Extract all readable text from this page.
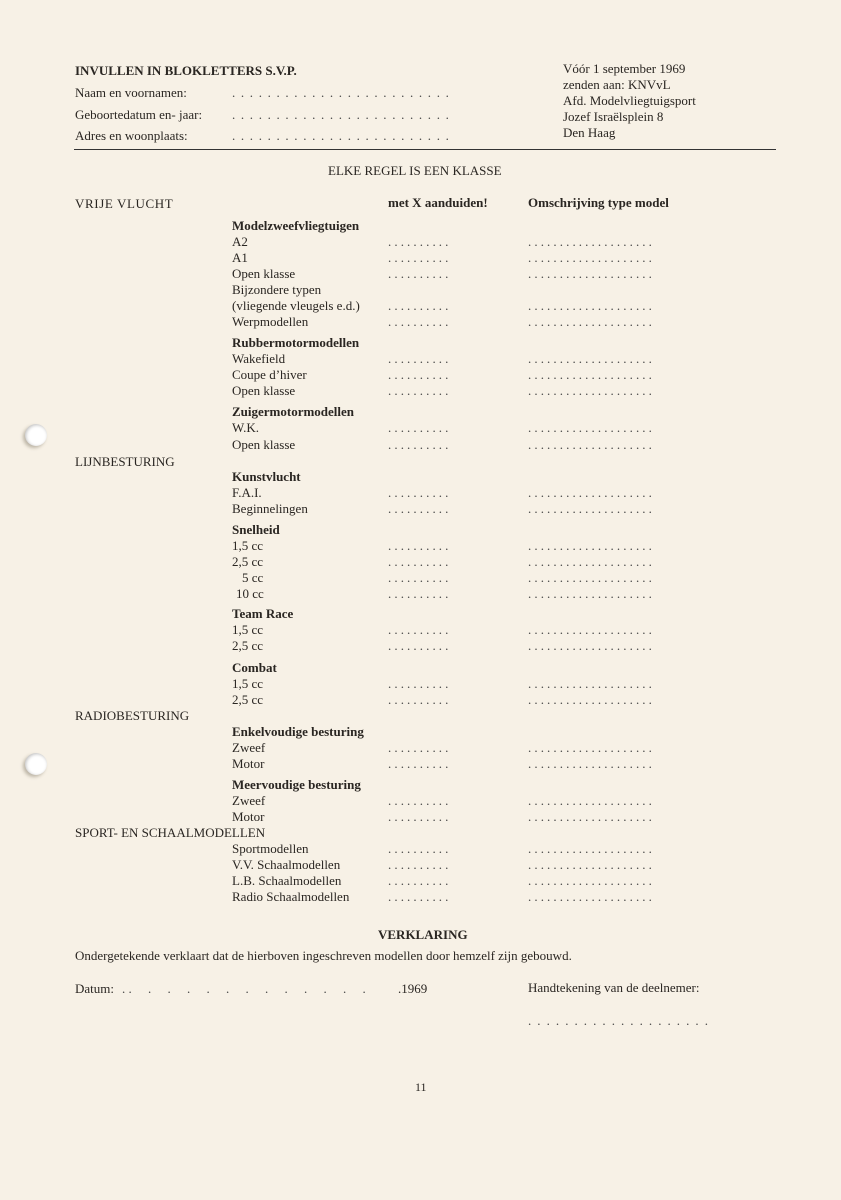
INVULLEN IN BLOKLETTERS S.V.P.
Naam en voornamen:	. . . . . . . . . . . . . . . . . . . . . . . . .
Geboortedatum en- jaar: . . . . . . . . . . . . . . . . . . . . . . . . .
Adres en woonplaats:	. . . . . . . . . . . . . . . . . . . . . . . . .
Vóór 1 september 1969
zenden aan: KNVvL
Afd. Modelvliegtuigsport
Jozef Israëlsplein 8
Den Haag
ELKE REGEL IS EEN KLASSE
VRIJE VLUCHT	met X aanduiden!	Omschrijving type model
LIJNBESTURING
RADIOBESTURING
SPORT- EN SCHAALMODELLEN
Modelzweefvliegtuigen
A2	..........	....................
A1	..........	....................
Open klasse	..........	....................
Bijzondere typen
(vliegende vleugels e.d.) ..........	....................
Werpmodellen	..........	....................
Rubbermotormodellen
Wakefield	..........	....................
Coupe d’hiver	..........	....................
Open klasse	..........	....................
Zuigermotormodellen
W.K.	..........	....................
Open klasse	..........	....................
Kunstvlucht
F.A.I.	..........	....................
Beginnelingen	..........	....................
Snelheid
1,5 cc	..........	....................
2,5 cc	..........	....................
5 cc	..........	....................
10 cc	..........	....................
Team Race
1,5 cc	..........	....................
2,5 cc	..........	....................
Combat
1,5 cc	..........	....................
2,5 cc	..........	....................
Enkelvoudige besturing
Zweef	..........	....................
Motor	..........	....................
Meervoudige besturing
Zweef	..........	....................
Motor	..........	....................
Sportmodellen	..........	....................
V.V. Schaalmodellen	..........	....................
L.B. Schaalmodellen	..........	....................
Radio Schaalmodellen	..........	....................
VERKLARING
Ondergetekende verklaart dat de hierboven ingeschreven modellen door hemzelf zijn gebouwd.
Datum: . .     .     .     .     .     .     .     .     .     .     .     .     . .1969	Handtekening van de deelnemer:
. . . . . . . . . . . . . . . . . . . .
11
